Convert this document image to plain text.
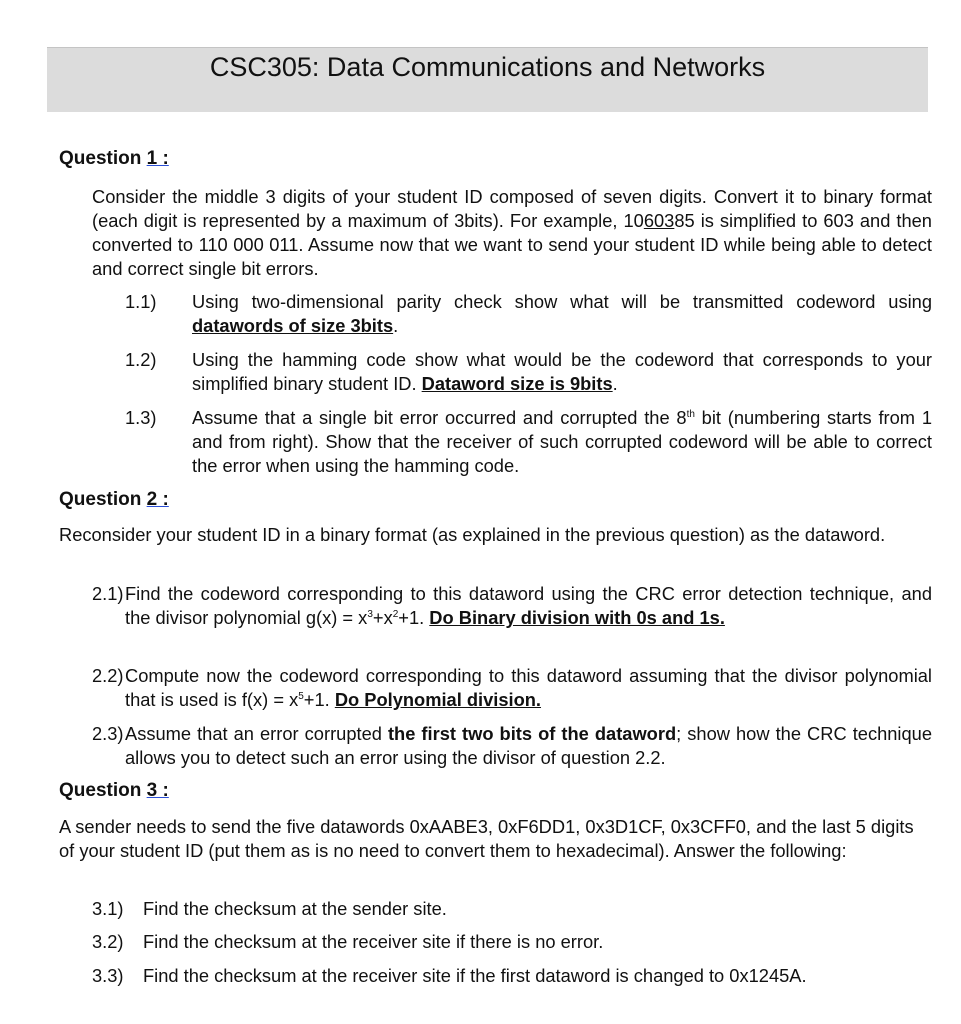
CSC305: Data Communications and Networks
Question 1 :
Consider the middle 3 digits of your student ID composed of seven digits. Convert it to binary format (each digit is represented by a maximum of 3bits). For example, 1060385 is simplified to 603 and then converted to 110 000 011. Assume now that we want to send your student ID while being able to detect and correct single bit errors.
1.1) Using two-dimensional parity check show what will be transmitted codeword using datawords of size 3bits.
1.2) Using the hamming code show what would be the codeword that corresponds to your simplified binary student ID. Dataword size is 9bits.
1.3) Assume that a single bit error occurred and corrupted the 8th bit (numbering starts from 1 and from right). Show that the receiver of such corrupted codeword will be able to correct the error when using the hamming code.
Question 2 :
Reconsider your student ID in a binary format (as explained in the previous question) as the dataword.
2.1) Find the codeword corresponding to this dataword using the CRC error detection technique, and the divisor polynomial $g(x) = x^3+x^2+1$. Do Binary division with 0s and 1s.
2.2) Compute now the codeword corresponding to this dataword assuming that the divisor polynomial that is used is $f(x) = x^5+1$. Do Polynomial division.
2.3) Assume that an error corrupted the first two bits of the dataword; show how the CRC technique allows you to detect such an error using the divisor of question 2.2.
Question 3 :
A sender needs to send the five datawords 0xAABE3, 0xF6DD1, 0x3D1CF, 0x3CFF0, and the last 5 digits of your student ID (put them as is no need to convert them to hexadecimal). Answer the following:
3.1) Find the checksum at the sender site.
3.2) Find the checksum at the receiver site if there is no error.
3.3) Find the checksum at the receiver site if the first dataword is changed to 0x1245A.
